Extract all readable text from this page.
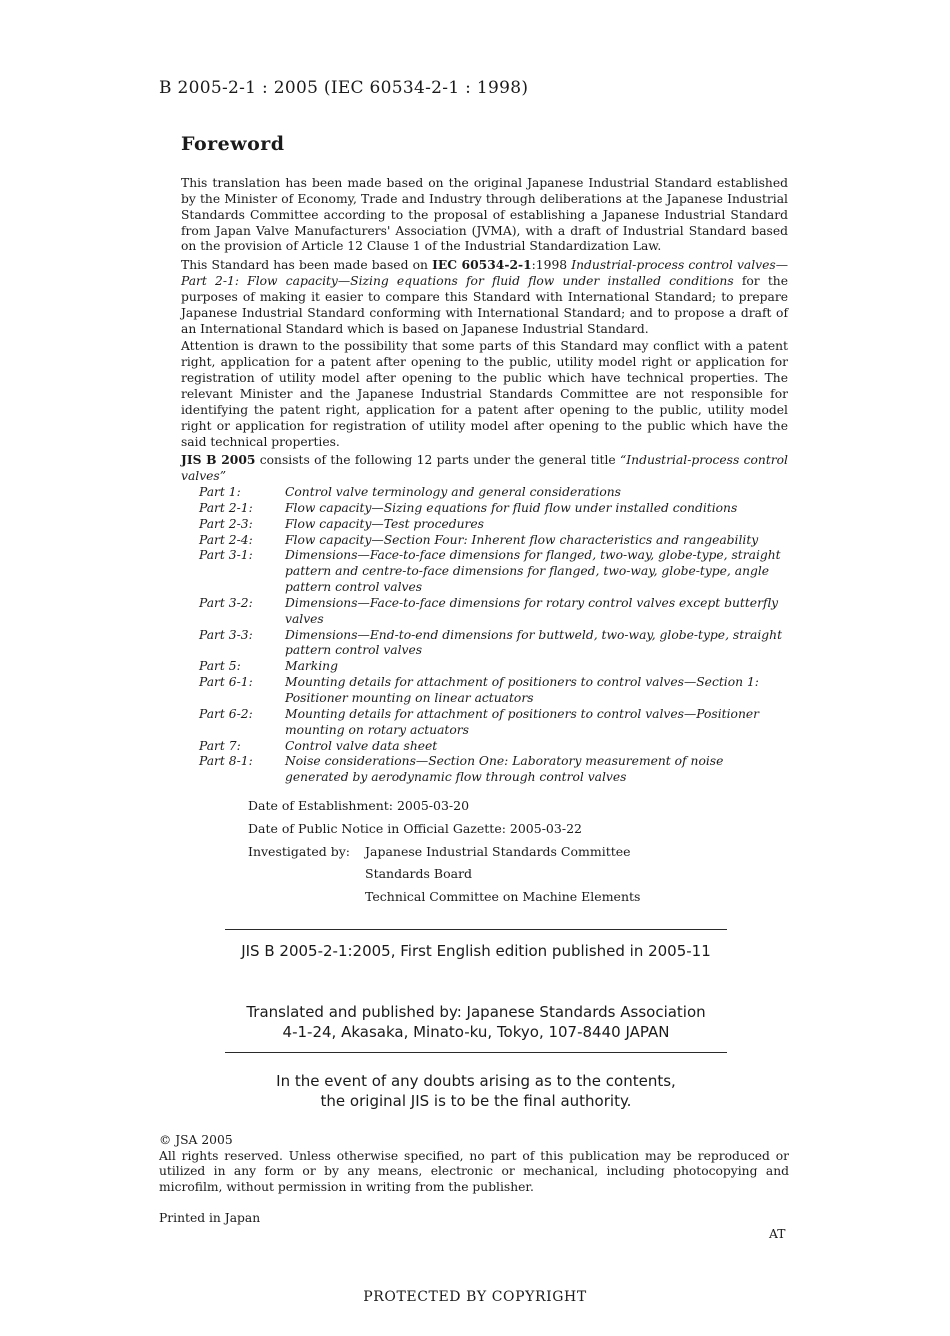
B 2005-2-1 : 2005 (IEC 60534-2-1 : 1998)
Foreword
This translation has been made based on the original Japanese Industrial Standard established by the Minister of Economy, Trade and Industry through deliberations at the Japanese Industrial Standards Committee according to the proposal of establishing a Japanese Industrial Standard from Japan Valve Manufacturers' Association (JVMA), with a draft of Industrial Standard based on the provision of Article 12 Clause 1 of the Industrial Standardization Law.
This Standard has been made based on IEC 60534-2-1:1998 Industrial-process control valves—Part 2-1: Flow capacity—Sizing equations for fluid flow under installed conditions for the purposes of making it easier to compare this Standard with International Standard; to prepare Japanese Industrial Standard conforming with International Standard; and to propose a draft of an International Standard which is based on Japanese Industrial Standard.
Attention is drawn to the possibility that some parts of this Standard may conflict with a patent right, application for a patent after opening to the public, utility model right or application for registration of utility model after opening to the public which have technical properties. The relevant Minister and the Japanese Industrial Standards Committee are not responsible for identifying the patent right, application for a patent after opening to the public, utility model right or application for registration of utility model after opening to the public which have the said technical properties.
JIS B 2005 consists of the following 12 parts under the general title “Industrial-process control valves”
Part 1:	Control valve terminology and general considerations
Part 2-1:	Flow capacity—Sizing equations for fluid flow under installed conditions
Part 2-3:	Flow capacity—Test procedures
Part 2-4:	Flow capacity—Section Four: Inherent flow characteristics and rangeability
Part 3-1:	Dimensions—Face-to-face dimensions for flanged, two-way, globe-type, straight pattern and centre-to-face dimensions for flanged, two-way, globe-type, angle pattern control valves
Part 3-2:	Dimensions—Face-to-face dimensions for rotary control valves except butterfly valves
Part 3-3:	Dimensions—End-to-end dimensions for buttweld, two-way, globe-type, straight pattern control valves
Part 5:	Marking
Part 6-1:	Mounting details for attachment of positioners to control valves—Section 1: Positioner mounting on linear actuators
Part 6-2:	Mounting details for attachment of positioners to control valves—Positioner mounting on rotary actuators
Part 7:	Control valve data sheet
Part 8-1:	Noise considerations—Section One: Laboratory measurement of noise generated by aerodynamic flow through control valves
Date of Establishment: 2005-03-20
Date of Public Notice in Official Gazette: 2005-03-22
Investigated by: Japanese Industrial Standards Committee
Standards Board
Technical Committee on Machine Elements
JIS B 2005-2-1:2005, First English edition published in 2005-11
Translated and published by: Japanese Standards Association
4-1-24, Akasaka, Minato-ku, Tokyo, 107-8440 JAPAN
In the event of any doubts arising as to the contents,
the original JIS is to be the final authority.
© JSA 2005
All rights reserved. Unless otherwise specified, no part of this publication may be reproduced or utilized in any form or by any means, electronic or mechanical, including photocopying and microfilm, without permission in writing from the publisher.
Printed in Japan
AT
PROTECTED BY COPYRIGHT
